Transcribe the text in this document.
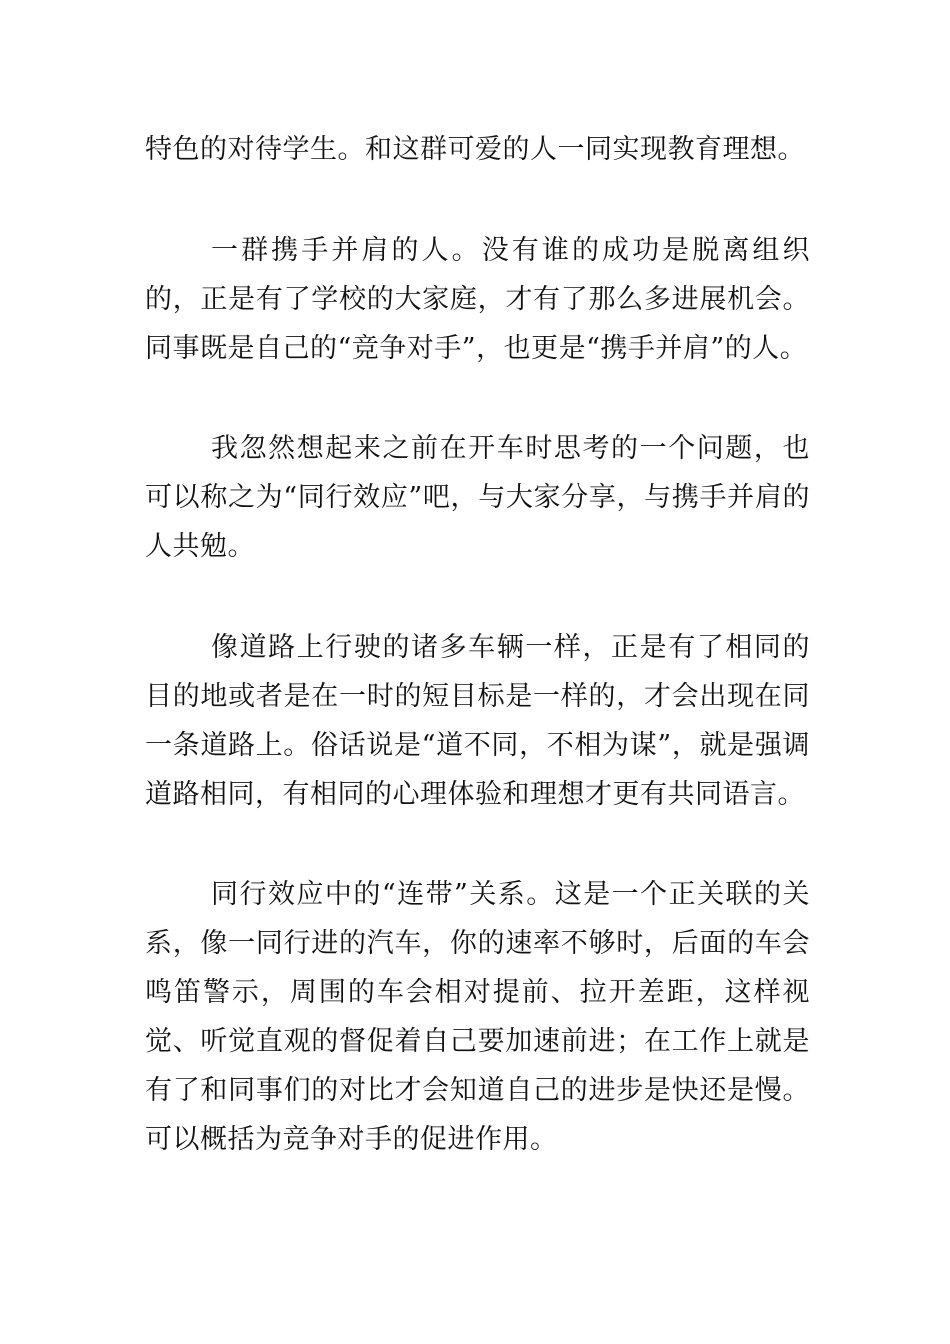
特色的对待学生。和这群可爱的人一同实现教育理想。

一群携手并肩的人。没有谁的成功是脱离组织的，正是有了学校的大家庭，才有了那么多进展机会。同事既是自己的“竞争对手”，也更是“携手并肩”的人。

我忽然想起来之前在开车时思考的一个问题，也可以称之为“同行效应”吧，与大家分享，与携手并肩的人共勉。

像道路上行驶的诸多车辆一样，正是有了相同的目的地或者是在一时的短目标是一样的，才会出现在同一条道路上。俗话说是“道不同，不相为谋”，就是强调道路相同，有相同的心理体验和理想才更有共同语言。

同行效应中的“连带”关系。这是一个正关联的关系，像一同行进的汽车，你的速率不够时，后面的车会鸣笛警示，周围的车会相对提前、拉开差距，这样视觉、听觉直观的督促着自己要加速前进；在工作上就是有了和同事们的对比才会知道自己的进步是快还是慢。可以概括为竞争对手的促进作用。
